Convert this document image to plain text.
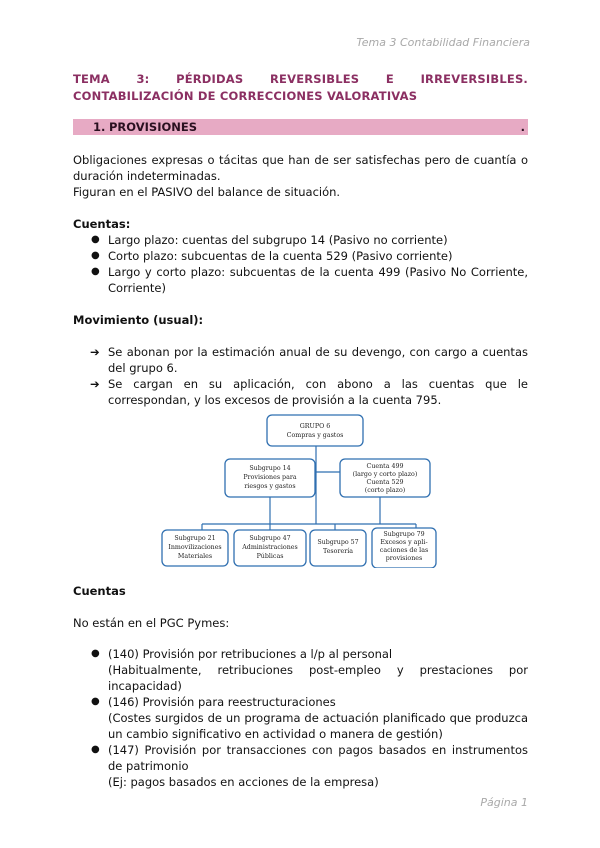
Tema 3 Contabilidad Financiera
TEMA 3: PÉRDIDAS REVERSIBLES E IRREVERSIBLES. CONTABILIZACIÓN DE CORRECCIONES VALORATIVAS
1. PROVISIONES	.
Obligaciones expresas o tácitas que han de ser satisfechas pero de cuantía o duración indeterminadas.
Figuran en el PASIVO del balance de situación.
Cuentas:
● Largo plazo: cuentas del subgrupo 14 (Pasivo no corriente)
● Corto plazo: subcuentas de la cuenta 529 (Pasivo corriente)
● Largo y corto plazo: subcuentas de la cuenta 499 (Pasivo No Corriente, Corriente)
Movimiento (usual):
➔ Se abonan por la estimación anual de su devengo, con cargo a cuentas del grupo 6.
➔ Se cargan en su aplicación, con abono a las cuentas que le correspondan, y los excesos de provisión a la cuenta 795.
GRUPO 6
Compras y gastos
Subgrupo 14
Provisiones para
riesgos y gastos
Cuenta 499
(largo y corto plazo)
Cuenta 529
(corto plazo)
Subgrupo 21
Inmovilizaciones
Materiales
Subgrupo 47
Administraciones
Públicas
Subgrupo 57
Tesorería
Subgrupo 79
Excesos y apli-
caciones de las
provisiones
Cuentas
No están en el PGC Pymes:
● (140) Provisión por retribuciones a l/p al personal
(Habitualmente, retribuciones post-empleo y prestaciones por incapacidad)
● (146) Provisión para reestructuraciones
(Costes surgidos de un programa de actuación planificado que produzca un cambio significativo en actividad o manera de gestión)
● (147) Provisión por transacciones con pagos basados en instrumentos de patrimonio
(Ej: pagos basados en acciones de la empresa)
Página 1
